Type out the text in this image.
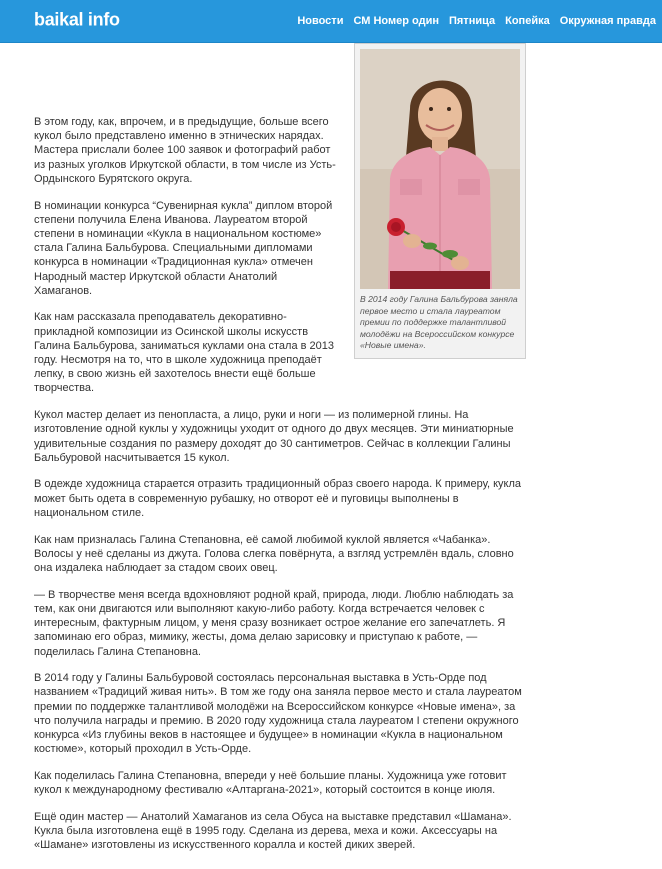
baikal info	Новости СМ Номер один Пятница Копейка Окружная правда
В 2014 году Галина Бальбурова заняла первое место и стала лауреатом премии по поддержке талантливой молодёжи на Всероссийском конкурсе «Новые имена».

В этом году, как, впрочем, и в предыдущие, больше всего кукол было представлено именно в этнических нарядах. Мастера прислали более 100 заявок и фотографий работ из разных уголков Иркутской области, в том числе из Усть-Ордынского Бурятского округа.

В номинации конкурса “Сувенирная кукла” диплом второй степени получила Елена Иванова. Лауреатом второй степени в номинации «Кукла в национальном костюме» стала Галина Бальбурова. Специальными дипломами конкурса в номинации «Традиционная кукла» отмечен Народный мастер Иркутской области Анатолий Хамаганов.

Как нам рассказала преподаватель декоративно-прикладной композиции из Осинской школы искусств Галина Бальбурова, заниматься куклами она стала в 2013 году. Несмотря на то, что в школе художница преподаёт лепку, в свою жизнь ей захотелось внести ещё больше творчества.

Кукол мастер делает из пенопласта, а лицо, руки и ноги — из полимерной глины. На изготовление одной куклы у художницы уходит от одного до двух месяцев. Эти миниатюрные удивительные создания по размеру доходят до 30 сантиметров. Сейчас в коллекции Галины Бальбуровой насчитывается 15 кукол.

В одежде художница старается отразить традиционный образ своего народа. К примеру, кукла может быть одета в современную рубашку, но отворот её и пуговицы выполнены в национальном стиле.

Как нам призналась Галина Степановна, её самой любимой куклой является «Чабанка». Волосы у неё сделаны из джута. Голова слегка повёрнута, а взгляд устремлён вдаль, словно она издалека наблюдает за стадом своих овец.

— В творчестве меня всегда вдохновляют родной край, природа, люди. Люблю наблюдать за тем, как они двигаются или выполняют какую-либо работу. Когда встречается человек с интересным, фактурным лицом, у меня сразу возникает острое желание его запечатлеть. Я запоминаю его образ, мимику, жесты, дома делаю зарисовку и приступаю к работе, — поделилась Галина Степановна.

В 2014 году у Галины Бальбуровой состоялась персональная выставка в Усть-Орде под названием «Традиций живая нить». В том же году она заняла первое место и стала лауреатом премии по поддержке талантливой молодёжи на Всероссийском конкурсе «Новые имена», за что получила награды и премию. В 2020 году художница стала лауреатом I степени окружного конкурса «Из глубины веков в настоящее и будущее» в номинации «Кукла в национальном костюме», который проходил в Усть-Орде.

Как поделилась Галина Степановна, впереди у неё большие планы. Художница уже готовит кукол к международному фестивалю «Алтаргана-2021», который состоится в конце июля.

Ещё один мастер — Анатолий Хамаганов из села Обуса на выставке представил «Шамана». Кукла была изготовлена ещё в 1995 году. Сделана из дерева, меха и кожи. Аксессуары на «Шамане» изготовлены из искусственного коралла и костей диких зверей.
